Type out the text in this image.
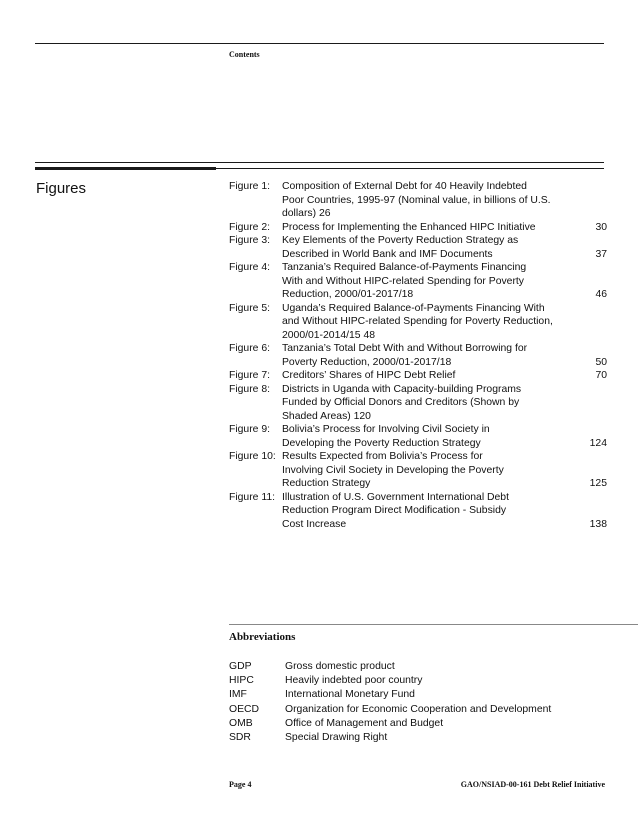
Contents
Figures	Figure 1:	Composition of External Debt for 40 Heavily Indebted
Poor Countries, 1995-97 (Nominal value, in billions of U.S.
dollars) 26
Figure 2:	Process for Implementing the Enhanced HIPC Initiative	30
Figure 3:	Key Elements of the Poverty Reduction Strategy as
Described in World Bank and IMF Documents	37
Figure 4:	Tanzania’s Required Balance-of-Payments Financing
With and Without HIPC-related Spending for Poverty
Reduction, 2000/01-2017/18	46
Figure 5:	Uganda’s Required Balance-of-Payments Financing With
and Without HIPC-related Spending for Poverty Reduction,
2000/01-2014/15 48
Figure 6:	Tanzania’s Total Debt With and Without Borrowing for
Poverty Reduction, 2000/01-2017/18	50
Figure 7:	Creditors’ Shares of HIPC Debt Relief	70
Figure 8:	Districts in Uganda with Capacity-building Programs
Funded by Official Donors and Creditors (Shown by
Shaded Areas) 120
Figure 9:	Bolivia’s Process for Involving Civil Society in
Developing the Poverty Reduction Strategy	124
Figure 10: Results Expected from Bolivia’s Process for
Involving Civil Society in Developing the Poverty
Reduction Strategy	125
Figure 11: Illustration of U.S. Government International Debt
Reduction Program Direct Modification - Subsidy
Cost Increase	138
Abbreviations
GDP	Gross domestic product
HIPC	Heavily indebted poor country
IMF	International Monetary Fund
OECD	Organization for Economic Cooperation and Development
OMB	Office of Management and Budget
SDR	Special Drawing Right
Page 4	GAO/NSIAD-00-161 Debt Relief Initiative
